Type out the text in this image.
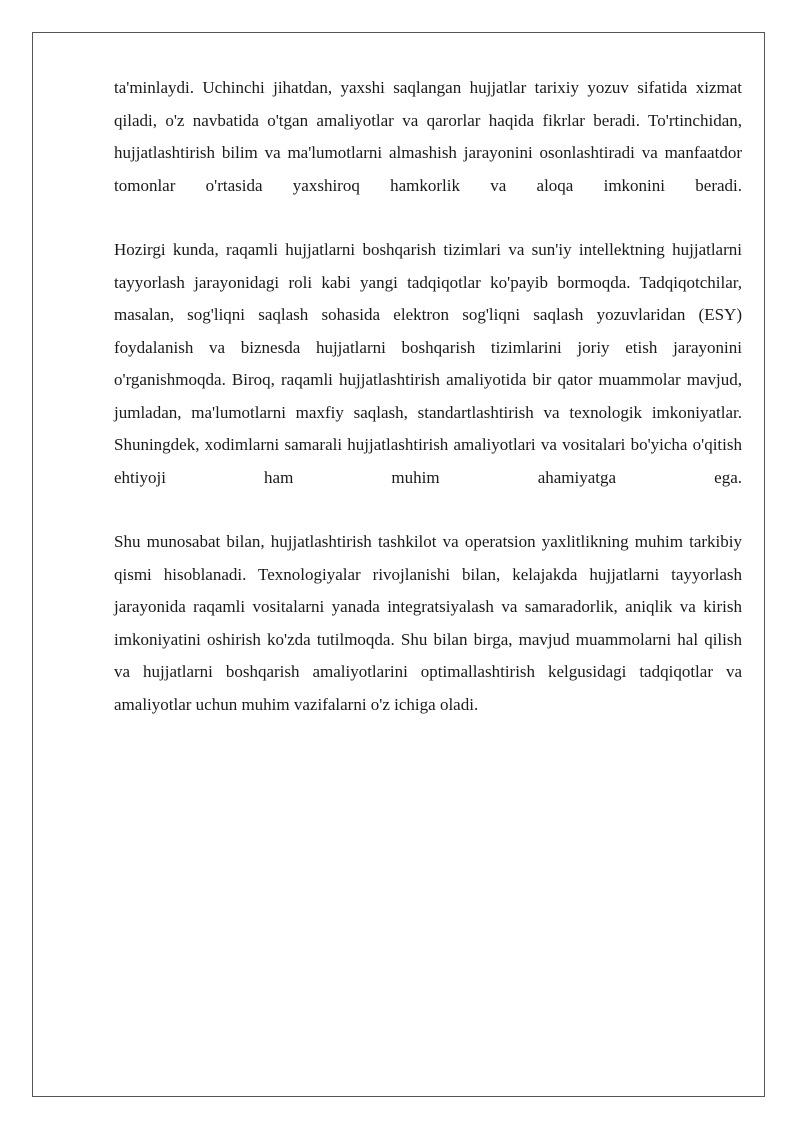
ta'minlaydi. Uchinchi jihatdan, yaxshi saqlangan hujjatlar tarixiy yozuv sifatida xizmat qiladi, o'z navbatida o'tgan amaliyotlar va qarorlar haqida fikrlar beradi. To'rtinchidan, hujjatlashtirish bilim va ma'lumotlarni almashish jarayonini osonlashtiradi va manfaatdor tomonlar o'rtasida yaxshiroq hamkorlik va aloqa imkonini beradi.

Hozirgi kunda, raqamli hujjatlarni boshqarish tizimlari va sun'iy intellektning hujjatlarni tayyorlash jarayonidagi roli kabi yangi tadqiqotlar ko'payib bormoqda. Tadqiqotchilar, masalan, sog'liqni saqlash sohasida elektron sog'liqni saqlash yozuvlaridan (ESY) foydalanish va biznesda hujjatlarni boshqarish tizimlarini joriy etish jarayonini o'rganishmoqda. Biroq, raqamli hujjatlashtirish amaliyotida bir qator muammolar mavjud, jumladan, ma'lumotlarni maxfiy saqlash, standartlashtirish va texnologik imkoniyatlar. Shuningdek, xodimlarni samarali hujjatlashtirish amaliyotlari va vositalari bo'yicha o'qitish ehtiyoji ham muhim ahamiyatga ega.

Shu munosabat bilan, hujjatlashtirish tashkilot va operatsion yaxlitlikning muhim tarkibiy qismi hisoblanadi. Texnologiyalar rivojlanishi bilan, kelajakda hujjatlarni tayyorlash jarayonida raqamli vositalarni yanada integratsiyalash va samaradorlik, aniqlik va kirish imkoniyatini oshirish ko'zda tutilmoqda. Shu bilan birga, mavjud muammolarni hal qilish va hujjatlarni boshqarish amaliyotlarini optimallashtirish kelgusidagi tadqiqotlar va amaliyotlar uchun muhim vazifalarni o'z ichiga oladi.
